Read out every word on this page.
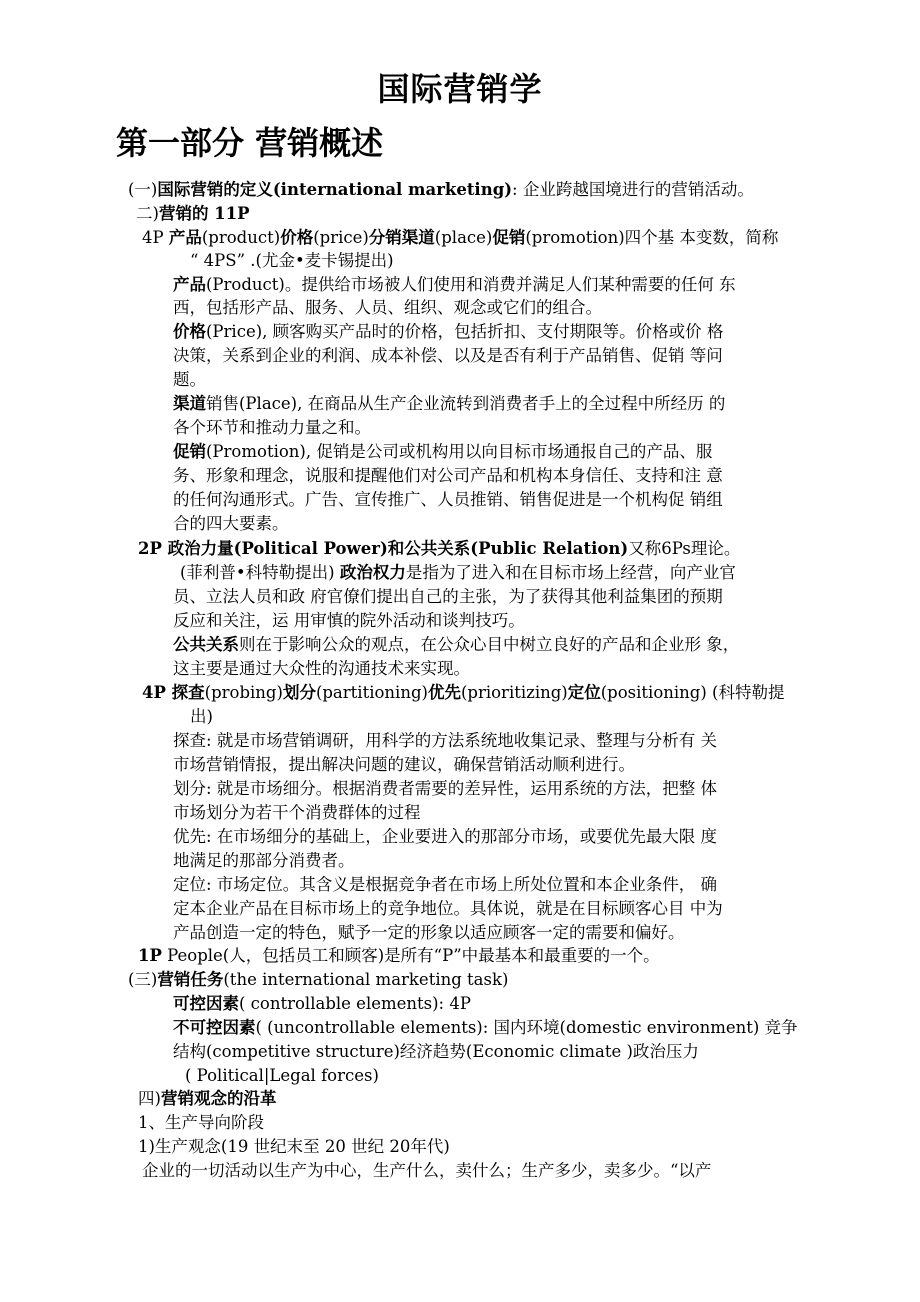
国际营销学
第一部分 营销概述
(一)国际营销的定义(international marketing): 企业跨越国境进行的营销活动。
二)营销的 11P
4P 产品(product)价格(price)分销渠道(place)促销(promotion)四个基 本变数，简称
“ 4PS” .(尤金•麦卡锡提出)
产品(Product)。提供给市场被人们使用和消费并满足人们某种需要的任何 东
西，包括形产品、服务、人员、组织、观念或它们的组合。
价格(Price), 顾客购买产品时的价格，包括折扣、支付期限等。价格或价 格
决策，关系到企业的利润、成本补偿、以及是否有利于产品销售、促销 等问
题。
渠道销售(Place), 在商品从生产企业流转到消费者手上的全过程中所经历 的
各个环节和推动力量之和。
促销(Promotion), 促销是公司或机构用以向目标市场通报自己的产品、服
务、形象和理念，说服和提醒他们对公司产品和机构本身信任、支持和注 意
的任何沟通形式。广告、宣传推广、人员推销、销售促进是一个机构促 销组
合的四大要素。
2P 政治力量(Political Power)和公共关系(Public Relation)又称6Ps理论。
(菲利普•科特勒提出) 政治权力是指为了进入和在目标市场上经营，向产业官
员、立法人员和政 府官僚们提出自己的主张，为了获得其他利益集团的预期
反应和关注，运 用审慎的院外活动和谈判技巧。
公共关系则在于影响公众的观点，在公众心目中树立良好的产品和企业形 象，
这主要是通过大众性的沟通技术来实现。
4P 探查(probing)划分(partitioning)优先(prioritizing)定位(positioning) (科特勒提
出)
探查: 就是市场营销调研，用科学的方法系统地收集记录、整理与分析有 关
市场营销情报，提出解决问题的建议，确保营销活动顺利进行。
划分: 就是市场细分。根据消费者需要的差异性，运用系统的方法，把整 体
市场划分为若干个消费群体的过程
优先: 在市场细分的基础上，企业要进入的那部分市场，或要优先最大限 度
地满足的那部分消费者。
定位: 市场定位。其含义是根据竞争者在市场上所处位置和本企业条件， 确
定本企业产品在目标市场上的竞争地位。具体说，就是在目标顾客心目 中为
产品创造一定的特色，赋予一定的形象以适应顾客一定的需要和偏好。
1P People(人，包括员工和顾客)是所有“P”中最基本和最重要的一个。
(三)营销任务(the international marketing task)
可控因素( controllable elements): 4P
不可控因素( (uncontrollable elements): 国内环境(domestic environment) 竞争
结构(competitive structure)经济趋势(Economic climate )政治压力
( Political|Legal forces)
四)营销观念的沿革
1、生产导向阶段
1)生产观念(19 世纪末至 20 世纪 20年代)
企业的一切活动以生产为中心，生产什么，卖什么；生产多少，卖多少。“以产
